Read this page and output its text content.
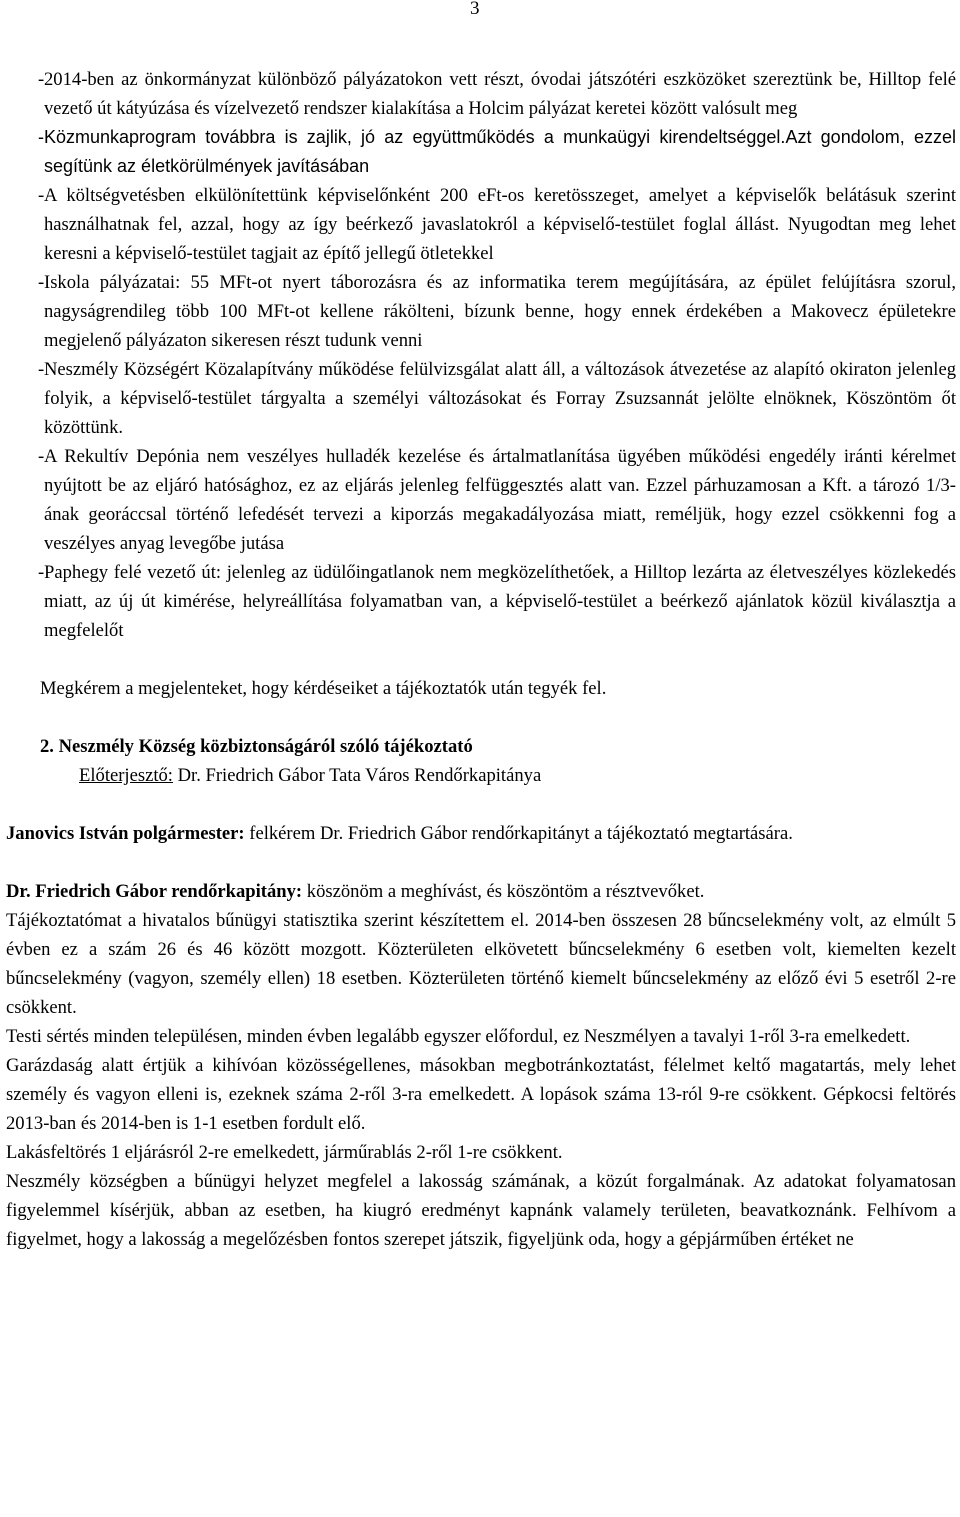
3
- 2014-ben az önkormányzat különböző pályázatokon vett részt, óvodai játszótéri eszközöket szereztünk be, Hilltop felé vezető út kátyúzása és vízelvezető rendszer kialakítása a Holcim pályázat keretei között valósult meg
- Közmunkaprogram továbbra is zajlik, jó az együttműködés a munkaügyi kirendeltséggel.Azt gondolom, ezzel segítünk az életkörülmények javításában
- A költségvetésben elkülönítettünk képviselőnként 200 eFt-os keretösszeget, amelyet a képviselők belátásuk szerint használhatnak fel, azzal, hogy az így beérkező javaslatokról a képviselő-testület foglal állást. Nyugodtan meg lehet keresni a képviselő-testület tagjait az építő jellegű ötletekkel
- Iskola pályázatai: 55 MFt-ot nyert táborozásra és az informatika terem megújítására, az épület felújításra szorul, nagyságrendileg több 100 MFt-ot kellene rákölteni, bízunk benne, hogy ennek érdekében a Makovecz épületekre megjelenő pályázaton sikeresen részt tudunk venni
- Neszmély Községért Közalapítvány működése felülvizsgálat alatt áll, a változások átvezetése az alapító okiraton jelenleg folyik, a képviselő-testület tárgyalta a személyi változásokat és Forray Zsuzsannát jelölte elnöknek, Köszöntöm őt közöttünk.
- A Rekultív Depónia nem veszélyes hulladék kezelése és ártalmatlanítása ügyében működési engedély iránti kérelmet nyújtott be az eljáró hatósághoz, ez az eljárás jelenleg felfüggesztés alatt van. Ezzel párhuzamosan a Kft. a tározó 1/3-ának georáccsal történő lefedését tervezi a kiporzás megakadályozása miatt, reméljük, hogy ezzel csökkenni fog a veszélyes anyag levegőbe jutása
- Paphegy felé vezető út: jelenleg az üdülőingatlanok nem megközelíthetőek, a Hilltop lezárta az életveszélyes közlekedés miatt, az új út kimérése, helyreállítása folyamatban van, a képviselő-testület a beérkező ajánlatok közül kiválasztja a megfelelőt
Megkérem a megjelenteket, hogy kérdéseiket a tájékoztatók után tegyék fel.
2. Neszmély Község közbiztonságáról szóló tájékoztató
Előterjesztő: Dr. Friedrich Gábor Tata Város Rendőrkapitánya
Janovics István polgármester: felkérem Dr. Friedrich Gábor rendőrkapitányt a tájékoztató megtartására.
Dr. Friedrich Gábor rendőrkapitány: köszönöm a meghívást, és köszöntöm a résztvevőket.
Tájékoztatómat a hivatalos bűnügyi statisztika szerint készítettem el. 2014-ben összesen 28 bűncselekmény volt, az elmúlt 5 évben ez a szám 26 és 46 között mozgott. Közterületen elkövetett bűncselekmény 6 esetben volt, kiemelten kezelt bűncselekmény (vagyon, személy ellen) 18 esetben. Közterületen történő kiemelt bűncselekmény az előző évi 5 esetről 2-re csökkent.
Testi sértés minden településen, minden évben legalább egyszer előfordul, ez Neszmélyen a tavalyi 1-ről 3-ra emelkedett.
Garázdaság alatt értjük a kihívóan közösségellenes, másokban megbotránkoztatást, félelmet keltő magatartás, mely lehet személy és vagyon elleni is, ezeknek száma 2-ről 3-ra emelkedett. A lopások száma 13-ról 9-re csökkent. Gépkocsi feltörés 2013-ban és 2014-ben is 1-1 esetben fordult elő.
Lakásfeltörés 1 eljárásról 2-re emelkedett, járműrablás 2-ről 1-re csökkent.
Neszmély községben a bűnügyi helyzet megfelel a lakosság számának, a közút forgalmának. Az adatokat folyamatosan figyelemmel kísérjük, abban az esetben, ha kiugró eredményt kapnánk valamely területen, beavatkoznánk. Felhívom a figyelmet, hogy a lakosság a megelőzésben fontos szerepet játszik, figyeljünk oda, hogy a gépjárműben értéket ne
